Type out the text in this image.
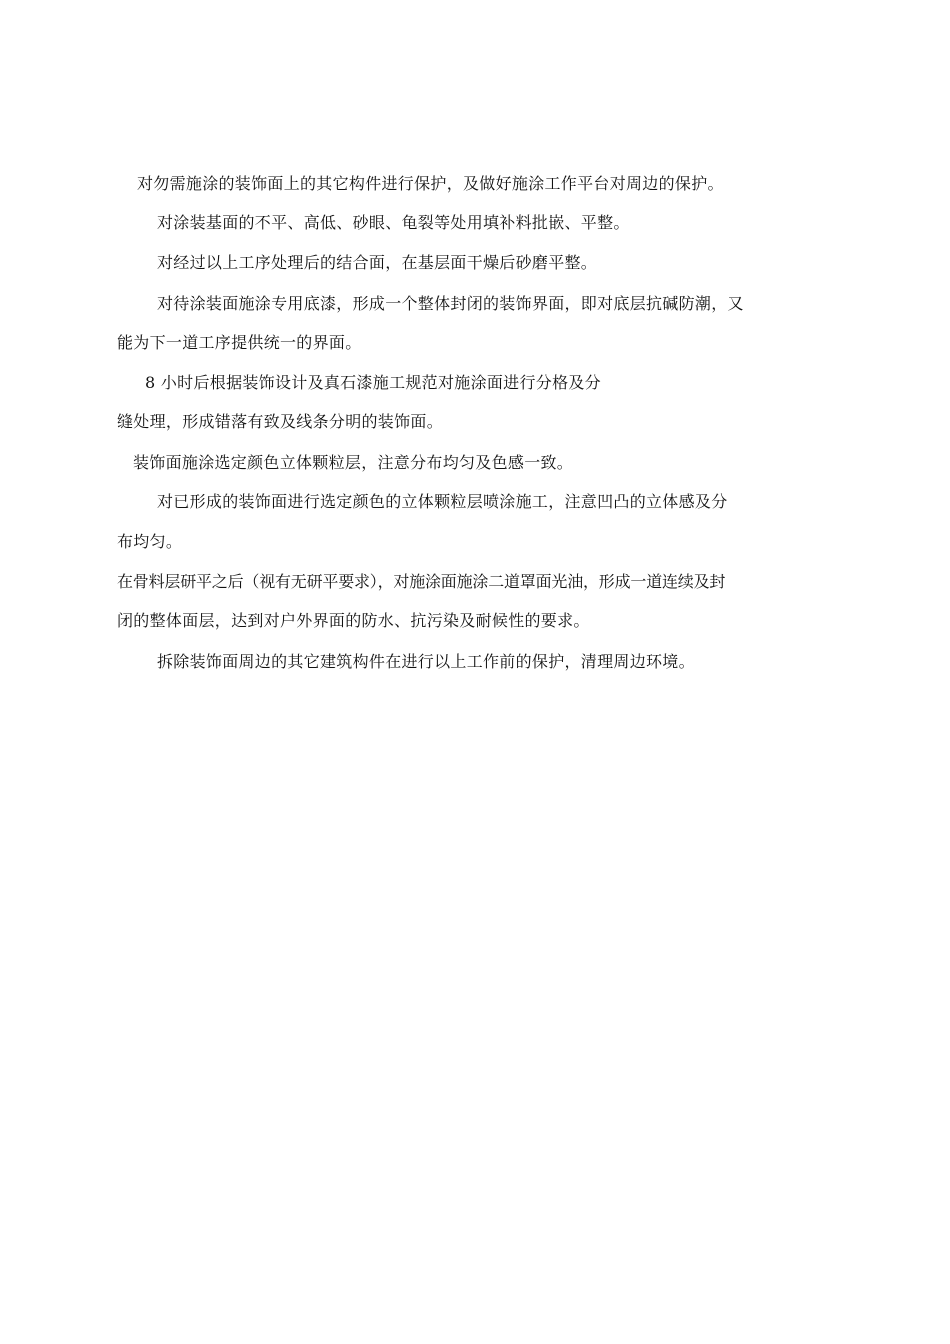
对勿需施涂的装饰面上的其它构件进行保护，及做好施涂工作平台对周边的保护。
对涂装基面的不平、高低、砂眼、龟裂等处用填补料批嵌、平整。
对经过以上工序处理后的结合面，在基层面干燥后砂磨平整。
对待涂装面施涂专用底漆，形成一个整体封闭的装饰界面，即对底层抗碱防潮，又
能为下一道工序提供统一的界面。
8 小时后根据装饰设计及真石漆施工规范对施涂面进行分格及分
缝处理，形成错落有致及线条分明的装饰面。
装饰面施涂选定颜色立体颗粒层，注意分布均匀及色感一致。
对已形成的装饰面进行选定颜色的立体颗粒层喷涂施工，注意凹凸的立体感及分
布均匀。
在骨料层研平之后（视有无研平要求），对施涂面施涂二道罩面光油，形成一道连续及封
闭的整体面层，达到对户外界面的防水、抗污染及耐候性的要求。
拆除装饰面周边的其它建筑构件在进行以上工作前的保护，清理周边环境。
